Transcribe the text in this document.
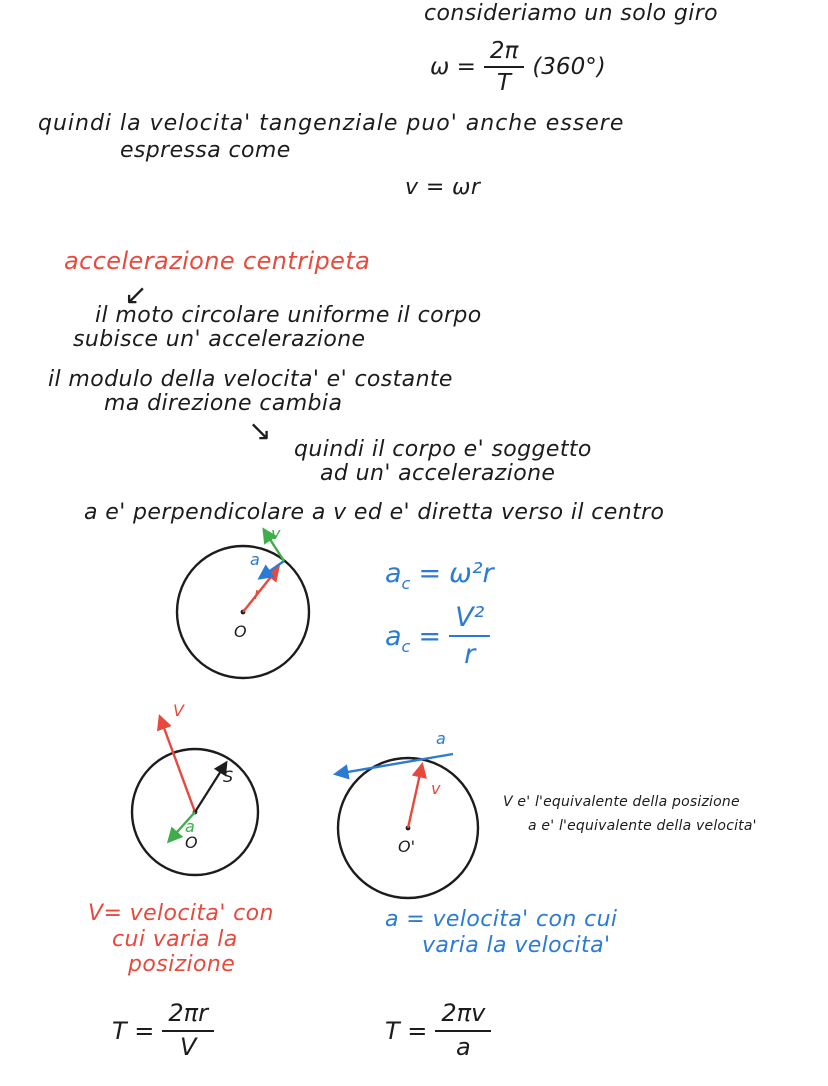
consideriamo un solo giro
$\omega = \frac{2\pi}{T} (360^\circ)$
quindi la velocita' tangenziale puo' anche essere
espressa come
v = ωr
accelerazione centripeta
↙
il moto circolare uniforme il corpo
subisce un' accelerazione
il modulo della velocita' e' costante
ma direzione cambia
↘
quindi il corpo e' soggetto
ad un' accelerazione
a e' perpendicolare a v ed e' diretta verso il centro
O
r
a
v
a c = ω²r
a $c = \frac{\text{V²}}{r}$
V
S
a
O
a
v
O'
V e' l'equivalente della posizione
a e' l'equivalente della velocita'
V= velocita' con
cui varia la
posizione
a = velocita' con cui
varia la velocita'
$T = \frac{2\pi r}{V}$	$T = \frac{2\pi v}{a}$
